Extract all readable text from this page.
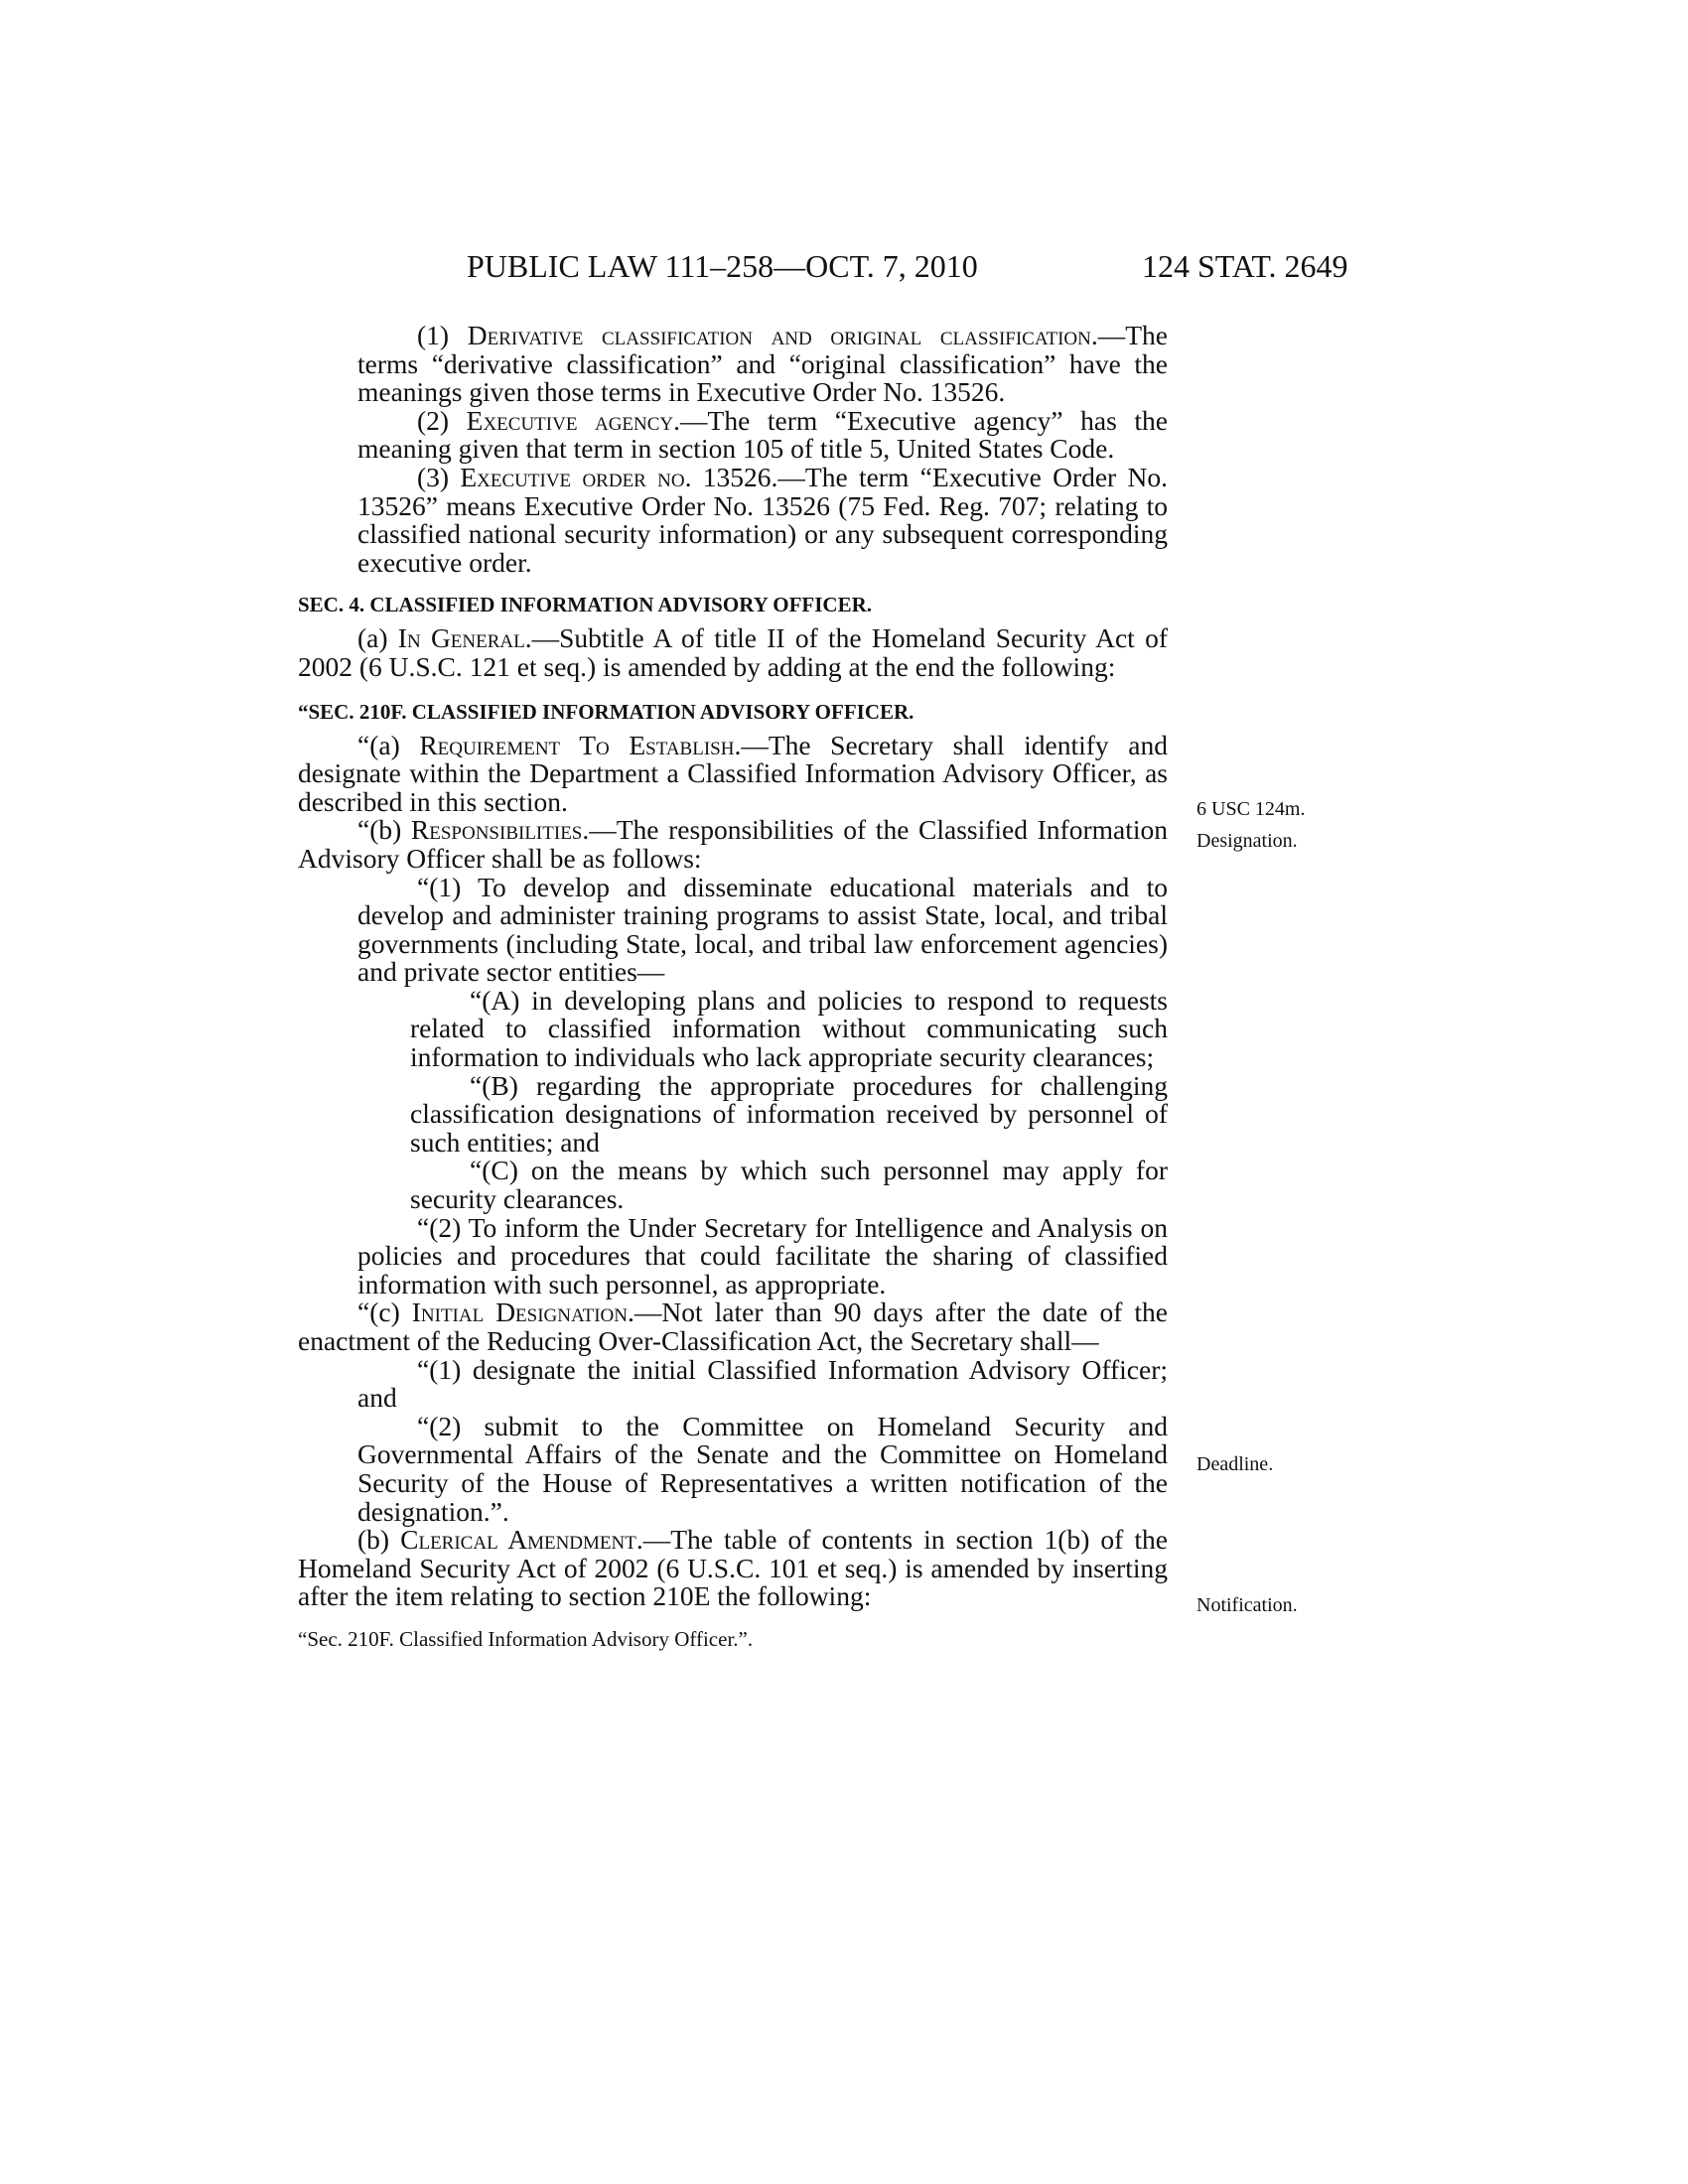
PUBLIC LAW 111–258—OCT. 7, 2010	124 STAT. 2649

(1) Derivative classification and original classification.—The terms “derivative classification” and “original classification” have the meanings given those terms in Executive Order No. 13526.

(2) Executive agency.—The term “Executive agency” has the meaning given that term in section 105 of title 5, United States Code.

(3) Executive order no. 13526.—The term “Executive Order No. 13526” means Executive Order No. 13526 (75 Fed. Reg. 707; relating to classified national security information) or any subsequent corresponding executive order.

SEC. 4. CLASSIFIED INFORMATION ADVISORY OFFICER.

(a) In General.—Subtitle A of title II of the Homeland Security Act of 2002 (6 U.S.C. 121 et seq.) is amended by adding at the end the following:

“SEC. 210F. CLASSIFIED INFORMATION ADVISORY OFFICER.

“(a) Requirement To Establish.—The Secretary shall identify and designate within the Department a Classified Information Advisory Officer, as described in this section.

“(b) Responsibilities.—The responsibilities of the Classified Information Advisory Officer shall be as follows:

“(1) To develop and disseminate educational materials and to develop and administer training programs to assist State, local, and tribal governments (including State, local, and tribal law enforcement agencies) and private sector entities—

“(A) in developing plans and policies to respond to requests related to classified information without communicating such information to individuals who lack appropriate security clearances;

“(B) regarding the appropriate procedures for challenging classification designations of information received by personnel of such entities; and

“(C) on the means by which such personnel may apply for security clearances.

“(2) To inform the Under Secretary for Intelligence and Analysis on policies and procedures that could facilitate the sharing of classified information with such personnel, as appropriate.

“(c) Initial Designation.—Not later than 90 days after the date of the enactment of the Reducing Over-Classification Act, the Secretary shall—

“(1) designate the initial Classified Information Advisory Officer; and

“(2) submit to the Committee on Homeland Security and Governmental Affairs of the Senate and the Committee on Homeland Security of the House of Representatives a written notification of the designation.”.

(b) Clerical Amendment.—The table of contents in section 1(b) of the Homeland Security Act of 2002 (6 U.S.C. 101 et seq.) is amended by inserting after the item relating to section 210E the following:

“Sec. 210F. Classified Information Advisory Officer.”.
6 USC 124m.
Designation.
Deadline.
Notification.
